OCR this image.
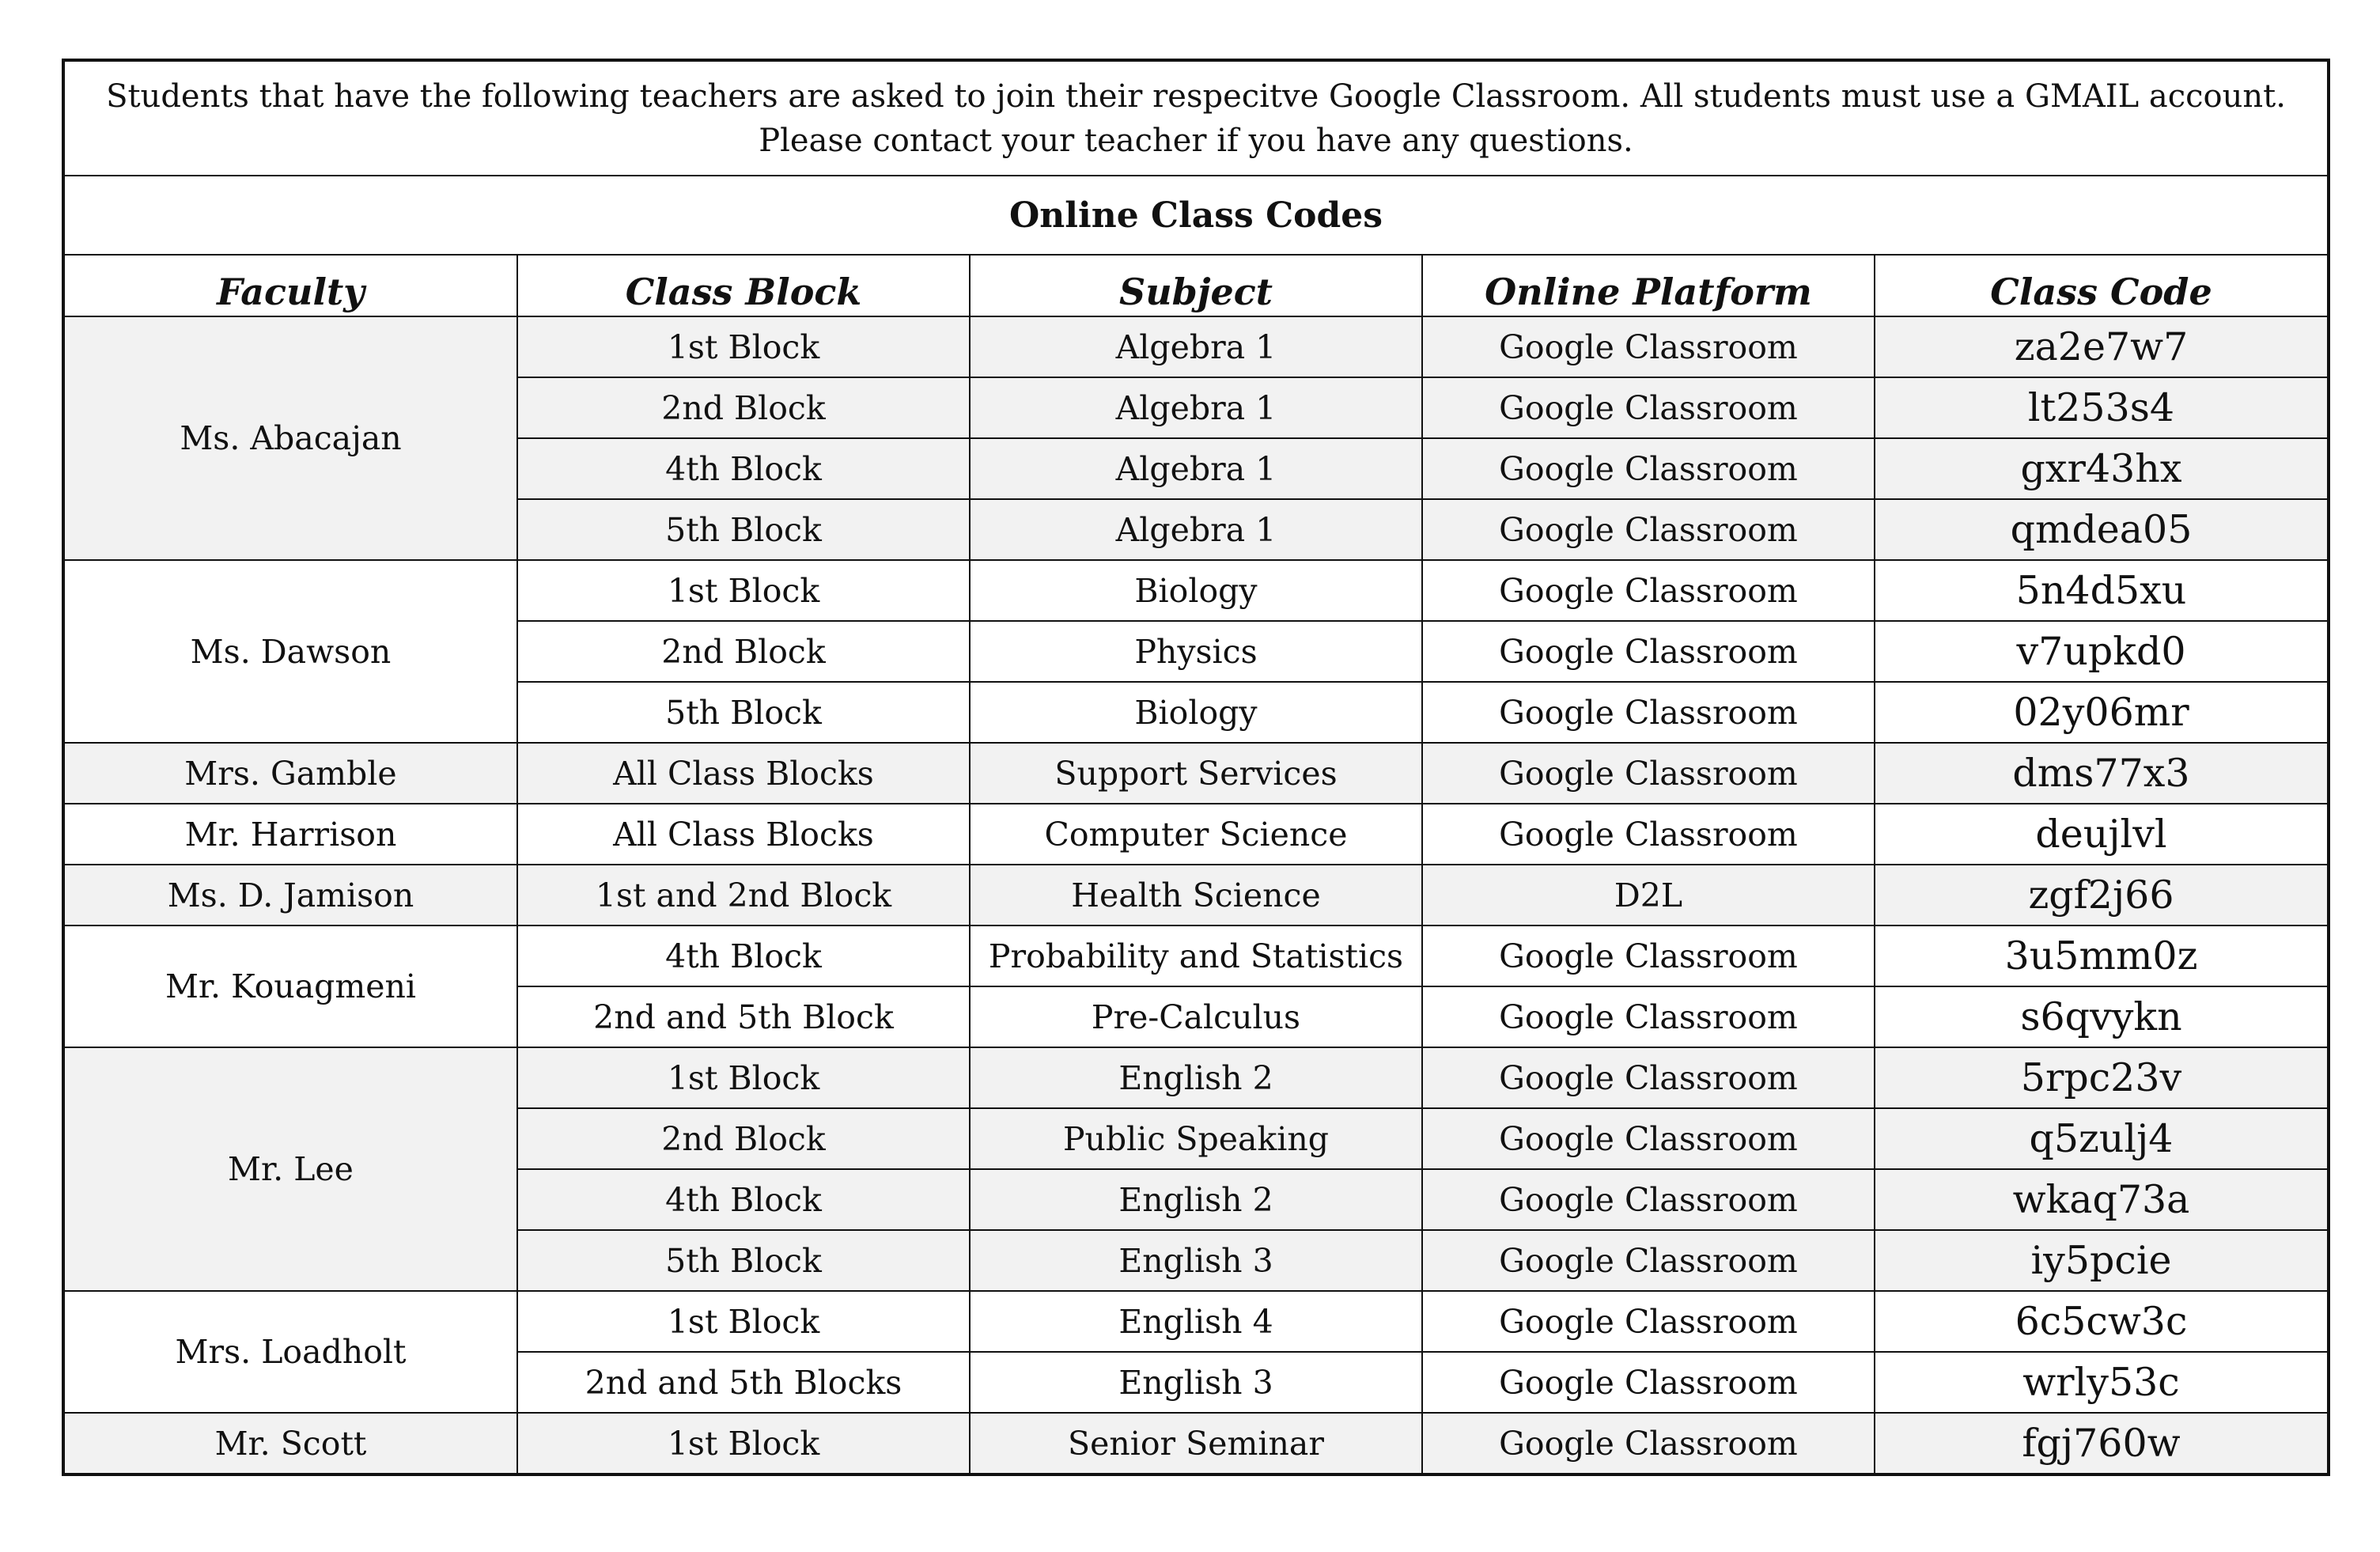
Students that have the following teachers are asked to join their respecitve Google Classroom. All students must use a GMAIL account.
Please contact your teacher if you have any questions.				

Online Class Codes				
Faculty	Class Block	Subject	Online Platform	Class Code
Ms. Abacajan	1st Block	Algebra 1	Google Classroom	za2e7w7
	2nd Block	Algebra 1	Google Classroom	lt253s4
	4th Block	Algebra 1	Google Classroom	gxr43hx
	5th Block	Algebra 1	Google Classroom	qmdea05
Ms. Dawson	1st Block	Biology	Google Classroom	5n4d5xu
	2nd Block	Physics	Google Classroom	v7upkd0
	5th Block	Biology	Google Classroom	02y06mr
Mrs. Gamble	All Class Blocks	Support Services	Google Classroom	dms77x3
Mr. Harrison	All Class Blocks	Computer Science	Google Classroom	deujlvl
Ms. D. Jamison	1st and 2nd Block	Health Science	D2L	zgf2j66
Mr. Kouagmeni	4th Block	Probability and Statistics	Google Classroom	3u5mm0z
	2nd and 5th Block	Pre-Calculus	Google Classroom	s6qvykn
Mr. Lee	1st Block	English 2	Google Classroom	5rpc23v
	2nd Block	Public Speaking	Google Classroom	q5zulj4
	4th Block	English 2	Google Classroom	wkaq73a
	5th Block	English 3	Google Classroom	iy5pcie
Mrs. Loadholt	1st Block	English 4	Google Classroom	6c5cw3c
	2nd and 5th Blocks	English 3	Google Classroom	wrly53c
Mr. Scott	1st Block	Senior Seminar	Google Classroom	fgj760w
